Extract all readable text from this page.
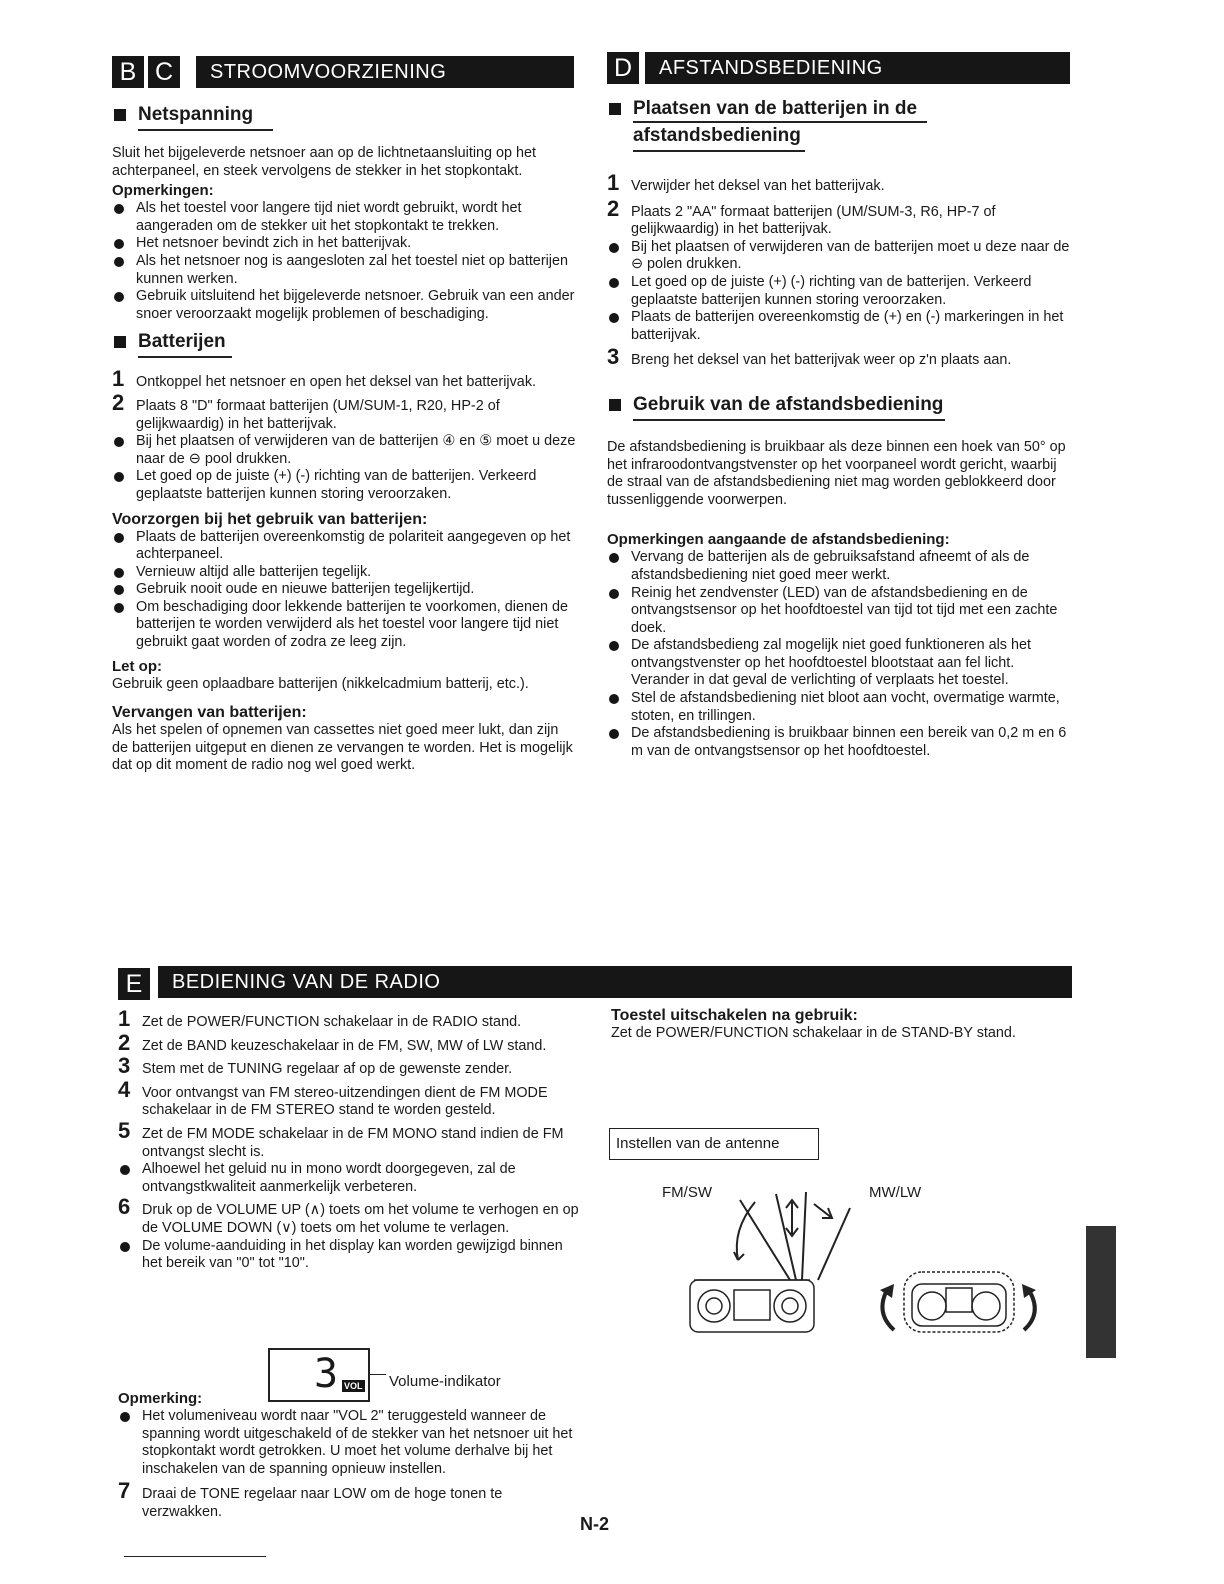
B C	STROOMVOORZIENING
Netspanning

Sluit het bijgeleverde netsnoer aan op de lichtnetaansluiting op het achterpaneel, en steek vervolgens de stekker in het stopkontakt.

Opmerkingen:
Als het toestel voor langere tijd niet wordt gebruikt, wordt het aangeraden om de stekker uit het stopkontakt te trekken.
Het netsnoer bevindt zich in het batterijvak.
Als het netsnoer nog is aangesloten zal het toestel niet op batterijen kunnen werken.
Gebruik uitsluitend het bijgeleverde netsnoer. Gebruik van een ander snoer veroorzaakt mogelijk problemen of beschadiging.
Batterijen
1 Ontkoppel het netsnoer en open het deksel van het batterijvak.
2 Plaats 8 "D" formaat batterijen (UM/SUM-1, R20, HP-2 of gelijkwaardig) in het batterijvak.
Bij het plaatsen of verwijderen van de batterijen ④ en ⑤ moet u deze naar de ⊖ pool drukken.
Let goed op de juiste (+) (-) richting van de batterijen. Verkeerd geplaatste batterijen kunnen storing veroorzaken.
Voorzorgen bij het gebruik van batterijen:
Plaats de batterijen overeenkomstig de polariteit aangegeven op het achterpaneel.
Vernieuw altijd alle batterijen tegelijk.
Gebruik nooit oude en nieuwe batterijen tegelijkertijd.
Om beschadiging door lekkende batterijen te voorkomen, dienen de batterijen te worden verwijderd als het toestel voor langere tijd niet gebruikt gaat worden of zodra ze leeg zijn.
Let op:

Gebruik geen oplaadbare batterijen (nikkelcadmium batterij, etc.).

Vervangen van batterijen:

Als het spelen of opnemen van cassettes niet goed meer lukt, dan zijn de batterijen uitgeput en dienen ze vervangen te worden. Het is mogelijk dat op dit moment de radio nog wel goed werkt.

D	AFSTANDSBEDIENING
Plaatsen van de batterijen in de
afstandsbediening
1 Verwijder het deksel van het batterijvak.
2 Plaats 2 "AA" formaat batterijen (UM/SUM-3, R6, HP-7 of gelijkwaardig) in het batterijvak.
Bij het plaatsen of verwijderen van de batterijen moet u deze naar de ⊖ polen drukken.
Let goed op de juiste (+) (-) richting van de batterijen. Verkeerd geplaatste batterijen kunnen storing veroorzaken.
Plaats de batterijen overeenkomstig de (+) en (-) markeringen in het batterijvak.
3 Breng het deksel van het batterijvak weer op z'n plaats aan.
Gebruik van de afstandsbediening

De afstandsbediening is bruikbaar als deze binnen een hoek van 50° op het infraroodontvangstvenster op het voorpaneel wordt gericht, waarbij de straal van de afstandsbediening niet mag worden geblokkeerd door tussenliggende voorwerpen.

Opmerkingen aangaande de afstandsbediening:
Vervang de batterijen als de gebruiksafstand afneemt of als de afstandsbediening niet goed meer werkt.
Reinig het zendvenster (LED) van de afstandsbediening en de ontvangstsensor op het hoofdtoestel van tijd tot tijd met een zachte doek.
De afstandsbedieng zal mogelijk niet goed funktioneren als het ontvangstvenster op het hoofdtoestel blootstaat aan fel licht. Verander in dat geval de verlichting of verplaats het toestel.
Stel de afstandsbediening niet bloot aan vocht, overmatige warmte, stoten, en trillingen.
De afstandsbediening is bruikbaar binnen een bereik van 0,2 m en 6 m van de ontvangstsensor op het hoofdtoestel.
E	BEDIENING VAN DE RADIO
1 Zet de POWER/FUNCTION schakelaar in de RADIO stand.
2 Zet de BAND keuzeschakelaar in de FM, SW, MW of LW stand.
3 Stem met de TUNING regelaar af op de gewenste zender.
4 Voor ontvangst van FM stereo-uitzendingen dient de FM MODE schakelaar in de FM STEREO stand te worden gesteld.
5 Zet de FM MODE schakelaar in de FM MONO stand indien de FM ontvangst slecht is.
Alhoewel het geluid nu in mono wordt doorgegeven, zal de ontvangstkwaliteit aanmerkelijk verbeteren.
6 Druk op de VOLUME UP (∧) toets om het volume te verhogen en op de VOLUME DOWN (∨) toets om het volume te verlagen.
De volume-aanduiding in het display kan worden gewijzigd binnen het bereik van "0" tot "10".
3 VOL Volume-indikator
Opmerking:
Het volumeniveau wordt naar "VOL 2" teruggesteld wanneer de spanning wordt uitgeschakeld of de stekker van het netsnoer uit het stopkontakt wordt getrokken. U moet het volume derhalve bij het inschakelen van de spanning opnieuw instellen.
7 Draai de TONE regelaar naar LOW om de hoge tonen te verzwakken.
N-2
Toestel uitschakelen na gebruik:

Zet de POWER/FUNCTION schakelaar in de STAND-BY stand.

Instellen van de antenne
FM/SW	MW/LW
